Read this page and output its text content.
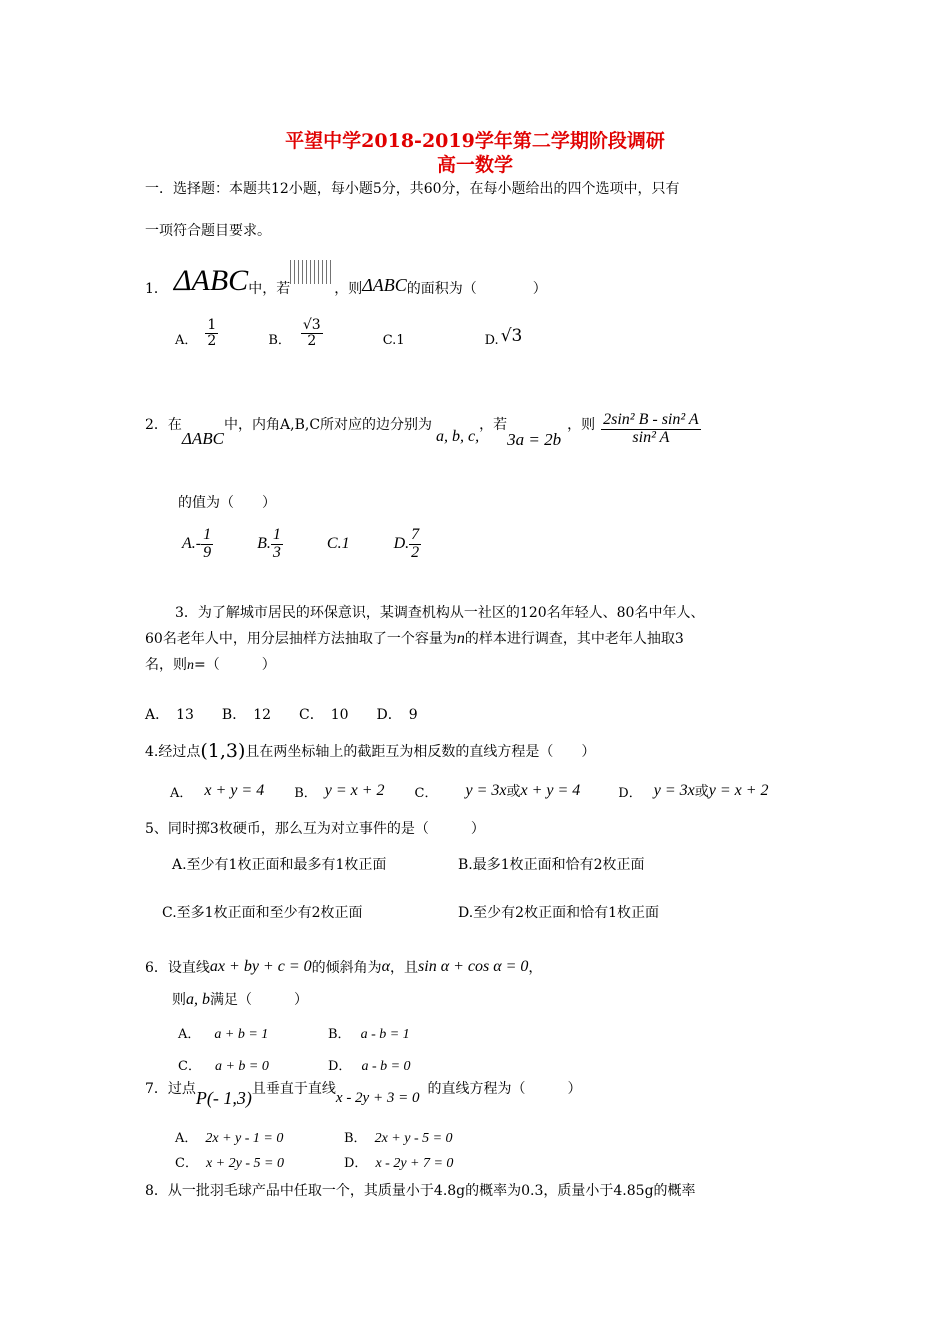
平望中学2018-2019学年第二学期阶段调研
高一数学
一．选择题：本题共12小题，每小题5分，共60分，在每小题给出的四个选项中，只有
一项符合题目要求。
1． ΔABC 中，若	，则 ΔABC 的面积为（　　　　）
A． $\frac{1}{2}$	B． $\frac{√3}{2}$	C.1	D. √3
2．在
ΔABC
中，内角A,B,C所对应的边分别为
a, b, c,
，若
3a = 2b
，则 $\frac{\text{2sin² B - sin² A}}{\text{sin² A}}$
的值为（　　）
$A.- \frac{1}{9}$	B. $\frac{1}{3}$	C.1	D. $\frac{7}{2}$
3．为了解城市居民的环保意识，某调查机构从一社区的120名年轻人、80名中年人、
60名老年人中，用分层抽样方法抽取了一个容量为n的样本进行调查，其中老年人抽取3
名，则n=（　　　）
A．　13　　B．　12　　C．　10　　D．　9
4.经过点 (1,3) 且在两坐标轴上的截距互为相反数的直线方程是（　　）
A． x + y = 4 B． y = x + 2 C． y = 3x 或 x + y = 4	D． y = 3x 或 y = x + 2
5、同时掷3枚硬币，那么互为对立事件的是（　　　）
A.至少有1枚正面和最多有1枚正面	B.最多1枚正面和恰有2枚正面
C.至多1枚正面和至少有2枚正面	D.至少有2枚正面和恰有1枚正面
6．设直线 ax + by + c = 0 的倾斜角为 α ，且 sin α + cos α = 0 ，
则a, b满足（　　　）
A． a + b = 1	B． a - b = 1
C． a + b = 0	D． a - b = 0
7．过点 P(- 1,3) 且垂直于直线
x - 2y + 3 = 0
的直线方程为（　　　）
A． 2x + y - 1 = 0	B． 2x + y - 5 = 0
C． x + 2y - 5 = 0	D． x - 2y + 7 = 0
8．从一批羽毛球产品中任取一个，其质量小于4.8g的概率为0.3，质量小于4.85g的概率
